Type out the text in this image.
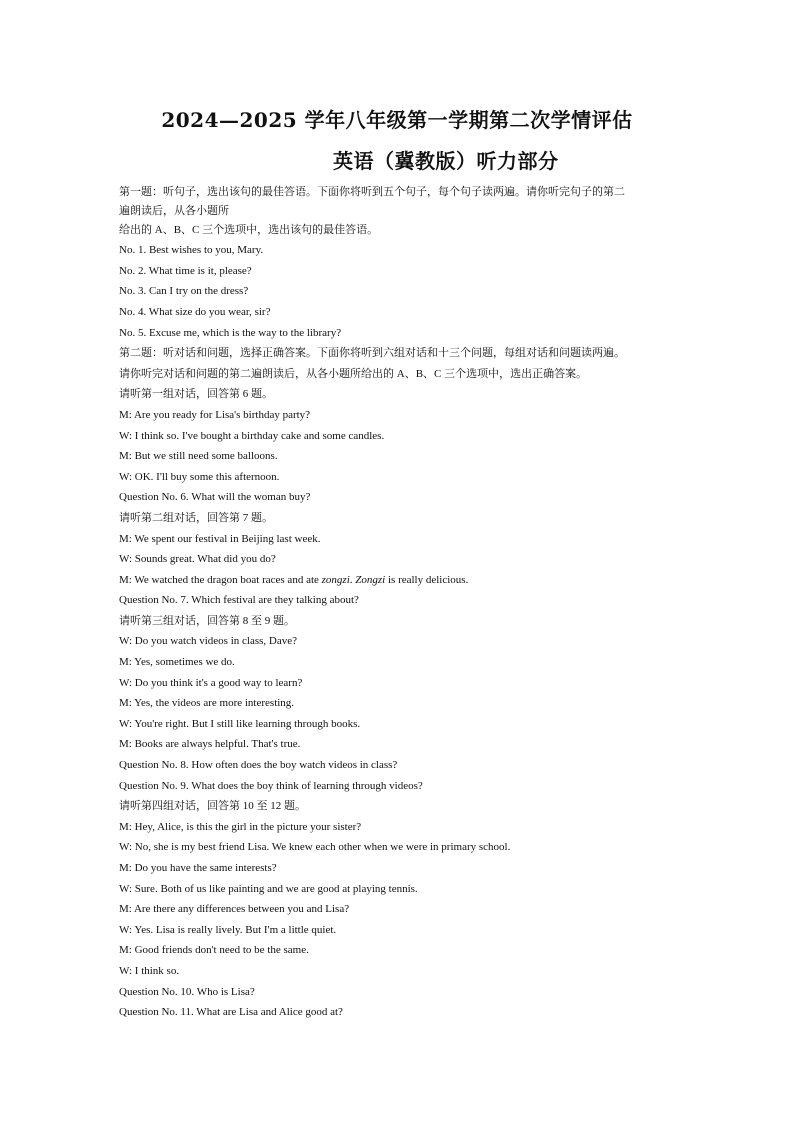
2024—2025 学年八年级第一学期第二次学情评估
英语（冀教版）听力部分
第一题：听句子，选出该句的最佳答语。下面你将听到五个句子，每个句子读两遍。请你听完句子的第二
遍朗读后，从各小题所
给出的 A、B、C 三个选项中，选出该句的最佳答语。
No. 1. Best wishes to you, Mary.
No. 2. What time is it, please?
No. 3. Can I try on the dress?
No. 4. What size do you wear, sir?
No. 5. Excuse me, which is the way to the library?
第二题：听对话和问题，选择正确答案。下面你将听到六组对话和十三个问题，每组对话和问题读两遍。
请你听完对话和问题的第二遍朗读后，从各小题所给出的 A、B、C 三个选项中，选出正确答案。
请听第一组对话，回答第 6 题。
M: Are you ready for Lisa's birthday party?
W: I think so. I've bought a birthday cake and some candles.
M: But we still need some balloons.
W: OK. I'll buy some this afternoon.
Question No. 6. What will the woman buy?
请听第二组对话，回答第 7 题。
M: We spent our festival in Beijing last week.
W: Sounds great. What did you do?
M: We watched the dragon boat races and ate zongzi. Zongzi is really delicious.
Question No. 7. Which festival are they talking about?
请听第三组对话，回答第 8 至 9 题。
W: Do you watch videos in class, Dave?
M: Yes, sometimes we do.
W: Do you think it's a good way to learn?
M: Yes, the videos are more interesting.
W: You're right. But I still like learning through books.
M: Books are always helpful. That's true.
Question No. 8. How often does the boy watch videos in class?
Question No. 9. What does the boy think of learning through videos?
请听第四组对话，回答第 10 至 12 题。
M: Hey, Alice, is this the girl in the picture your sister?
W: No, she is my best friend Lisa. We knew each other when we were in primary school.
M: Do you have the same interests?
W: Sure. Both of us like painting and we are good at playing tennis.
M: Are there any differences between you and Lisa?
W: Yes. Lisa is really lively. But I'm a little quiet.
M: Good friends don't need to be the same.
W: I think so.
Question No. 10. Who is Lisa?
Question No. 11. What are Lisa and Alice good at?
